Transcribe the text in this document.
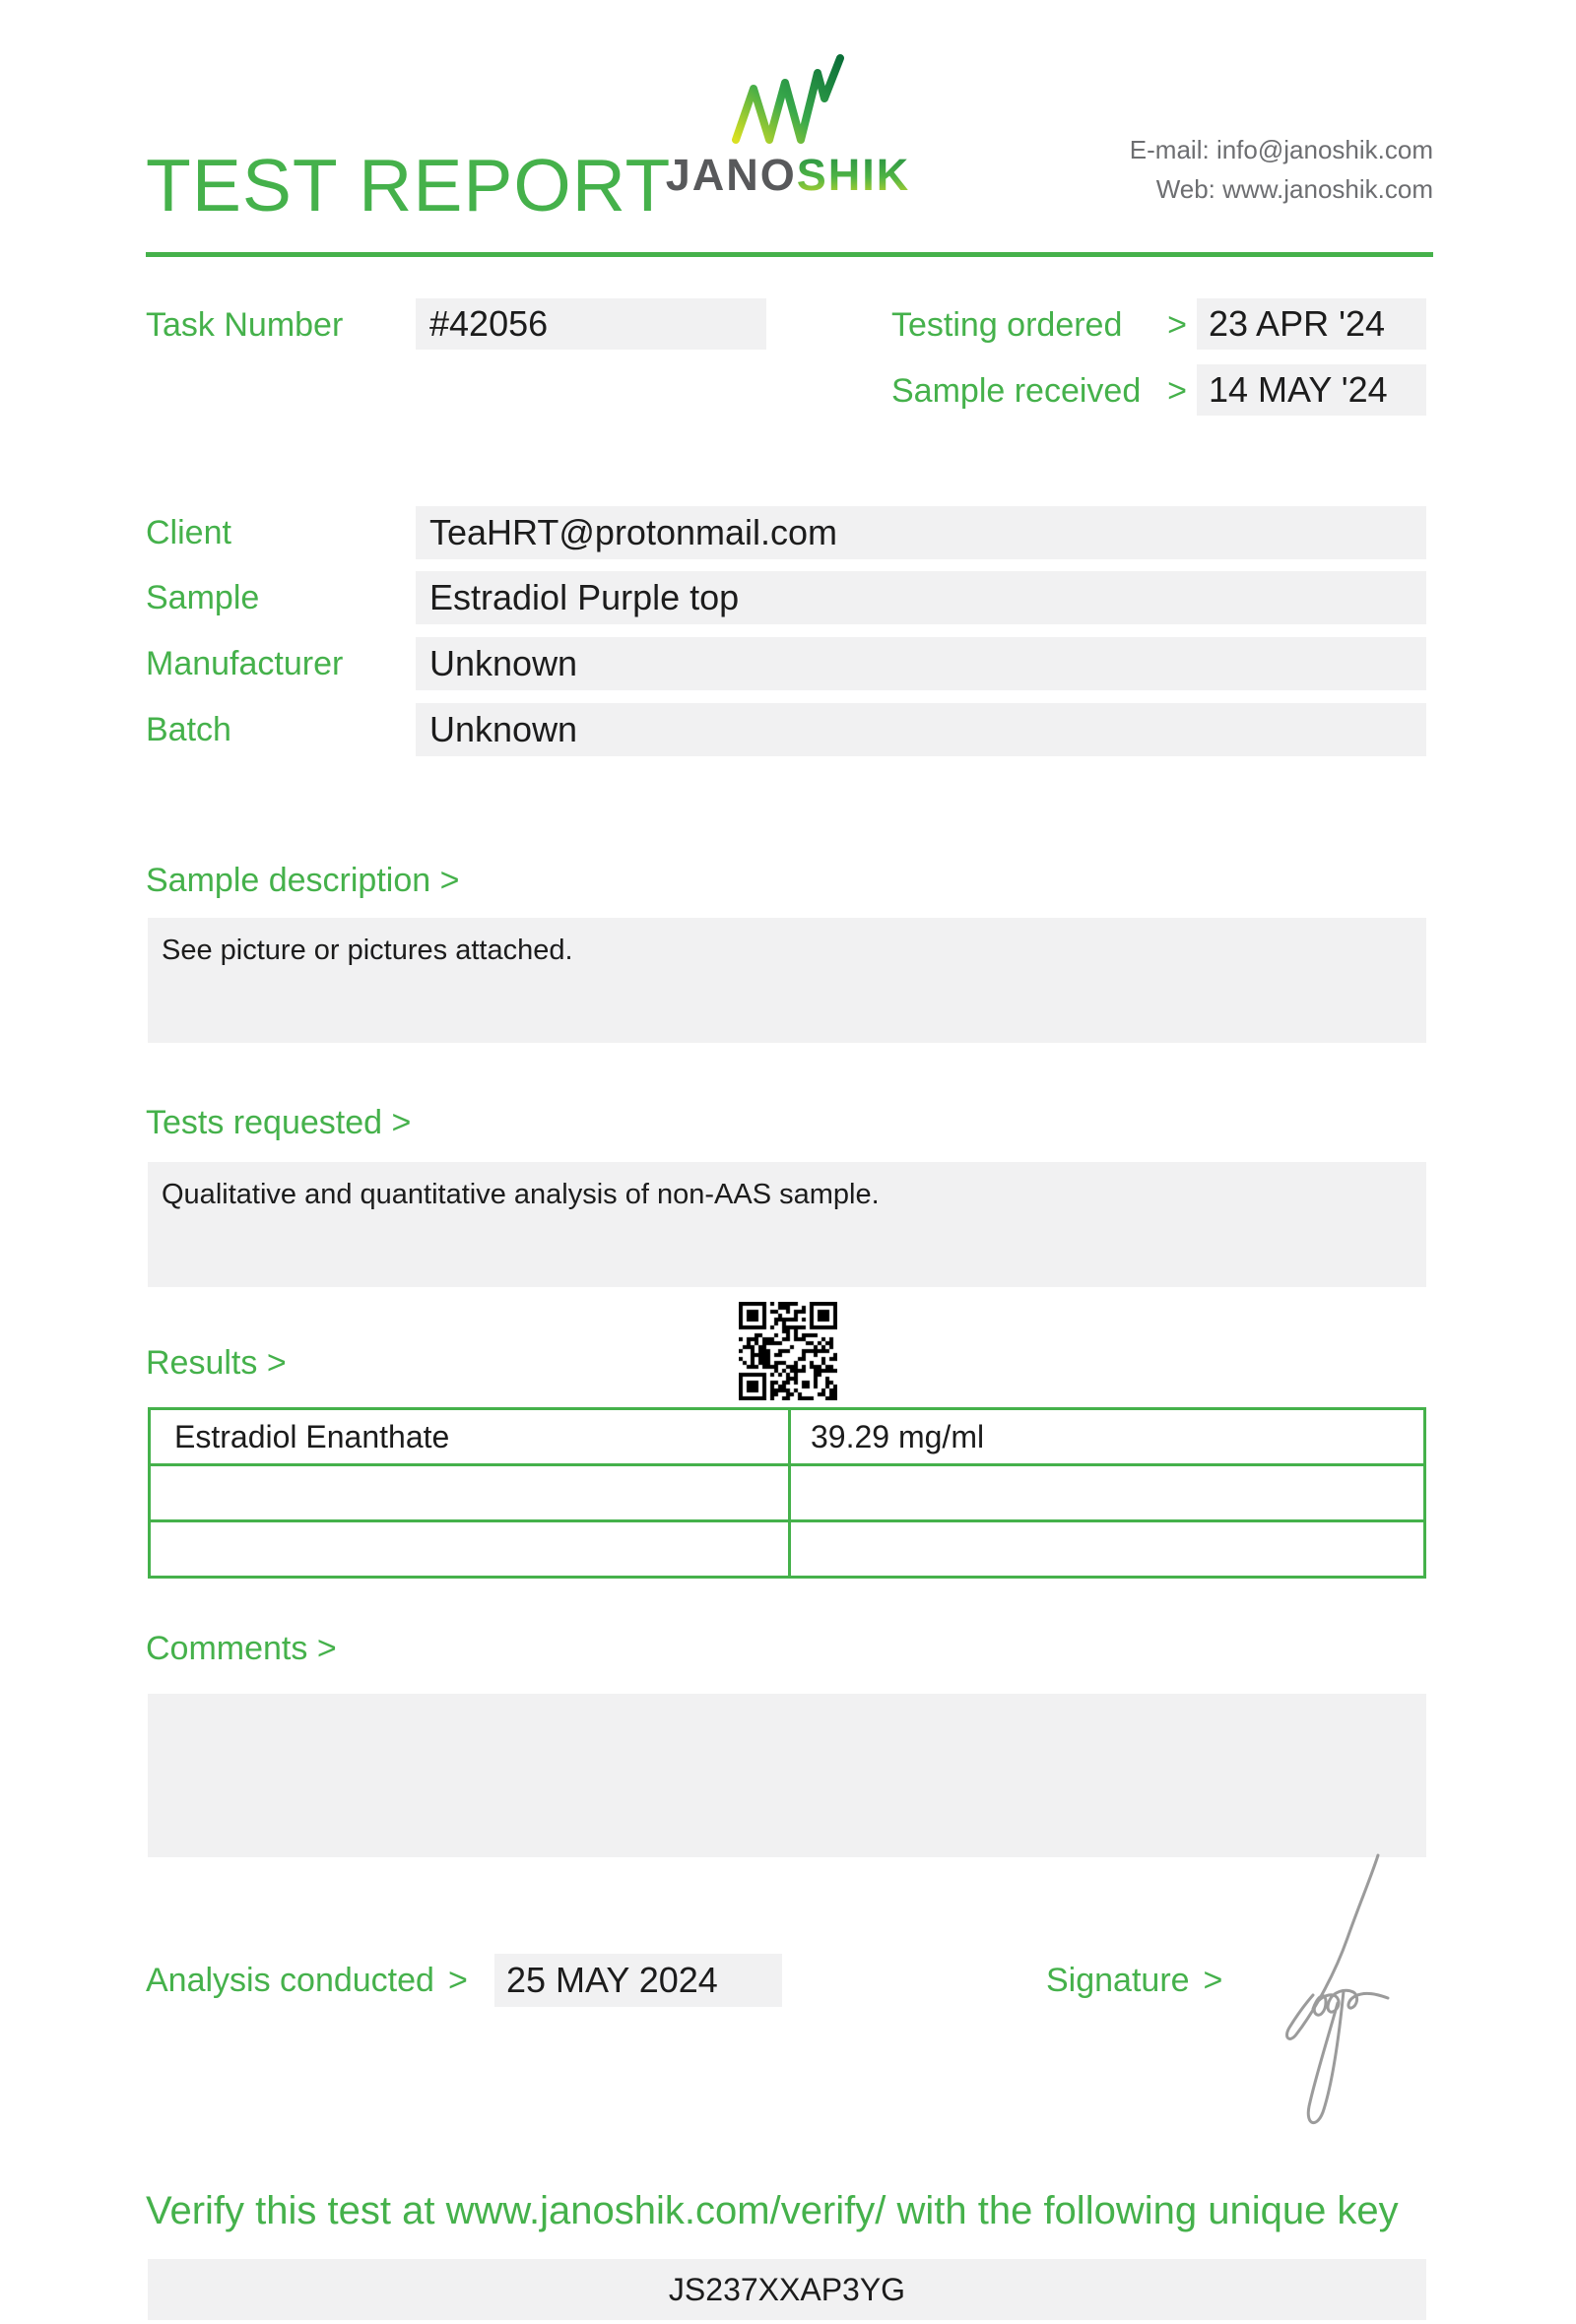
TEST REPORT
JANOSHIK	E-mail: info@janoshik.com
Web: www.janoshik.com
Task Number	#42056	Testing ordered > 23 APR '24
Sample received > 14 MAY '24
Client	TeaHRT@protonmail.com
Sample	Estradiol Purple top
Manufacturer	Unknown
Batch	Unknown
Sample description >
See picture or pictures attached.
Tests requested >
Qualitative and quantitative analysis of non-AAS sample.
Results >
Estradiol Enanthate	39.29 mg/ml

Comments >
Analysis conducted >	25 MAY 2024	Signature >
Verify this test at www.janoshik.com/verify/ with the following unique key
JS237XXAP3YG
